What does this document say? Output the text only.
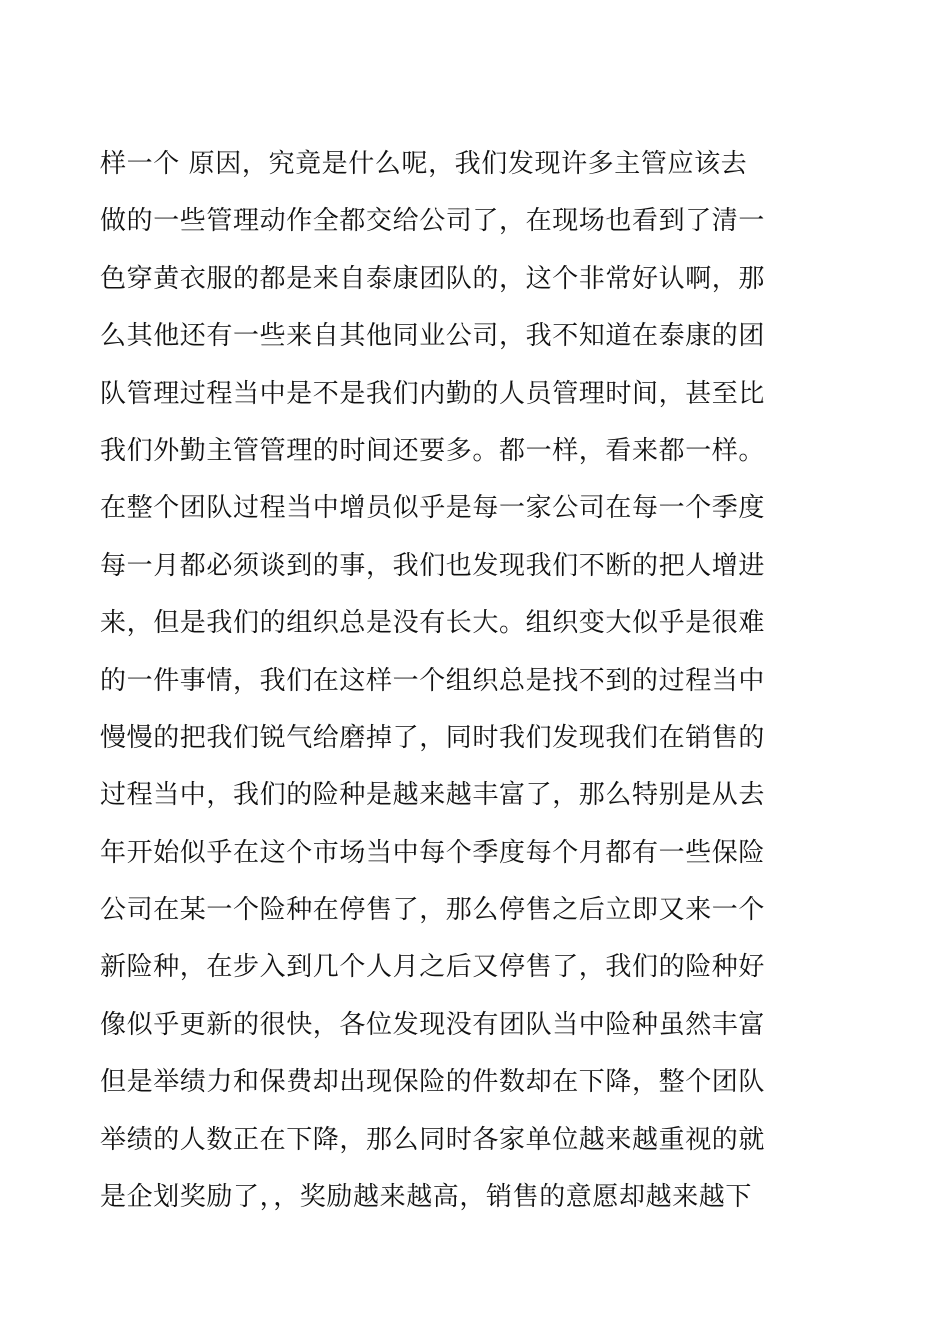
样一个 原因，究竟是什么呢，我们发现许多主管应该去
做的一些管理动作全都交给公司了，在现场也看到了清一
色穿黄衣服的都是来自泰康团队的，这个非常好认啊，那
么其他还有一些来自其他同业公司，我不知道在泰康的团
队管理过程当中是不是我们内勤的人员管理时间，甚至比
我们外勤主管管理的时间还要多。都一样，看来都一样。
在整个团队过程当中增员似乎是每一家公司在每一个季度
每一月都必须谈到的事，我们也发现我们不断的把人增进
来，但是我们的组织总是没有长大。组织变大似乎是很难
的一件事情，我们在这样一个组织总是找不到的过程当中
慢慢的把我们锐气给磨掉了，同时我们发现我们在销售的
过程当中，我们的险种是越来越丰富了，那么特别是从去
年开始似乎在这个市场当中每个季度每个月都有一些保险
公司在某一个险种在停售了，那么停售之后立即又来一个
新险种，在步入到几个人月之后又停售了，我们的险种好
像似乎更新的很快，各位发现没有团队当中险种虽然丰富
但是举绩力和保费却出现保险的件数却在下降，整个团队
举绩的人数正在下降，那么同时各家单位越来越重视的就
是企划奖励了，，奖励越来越高，销售的意愿却越来越下
